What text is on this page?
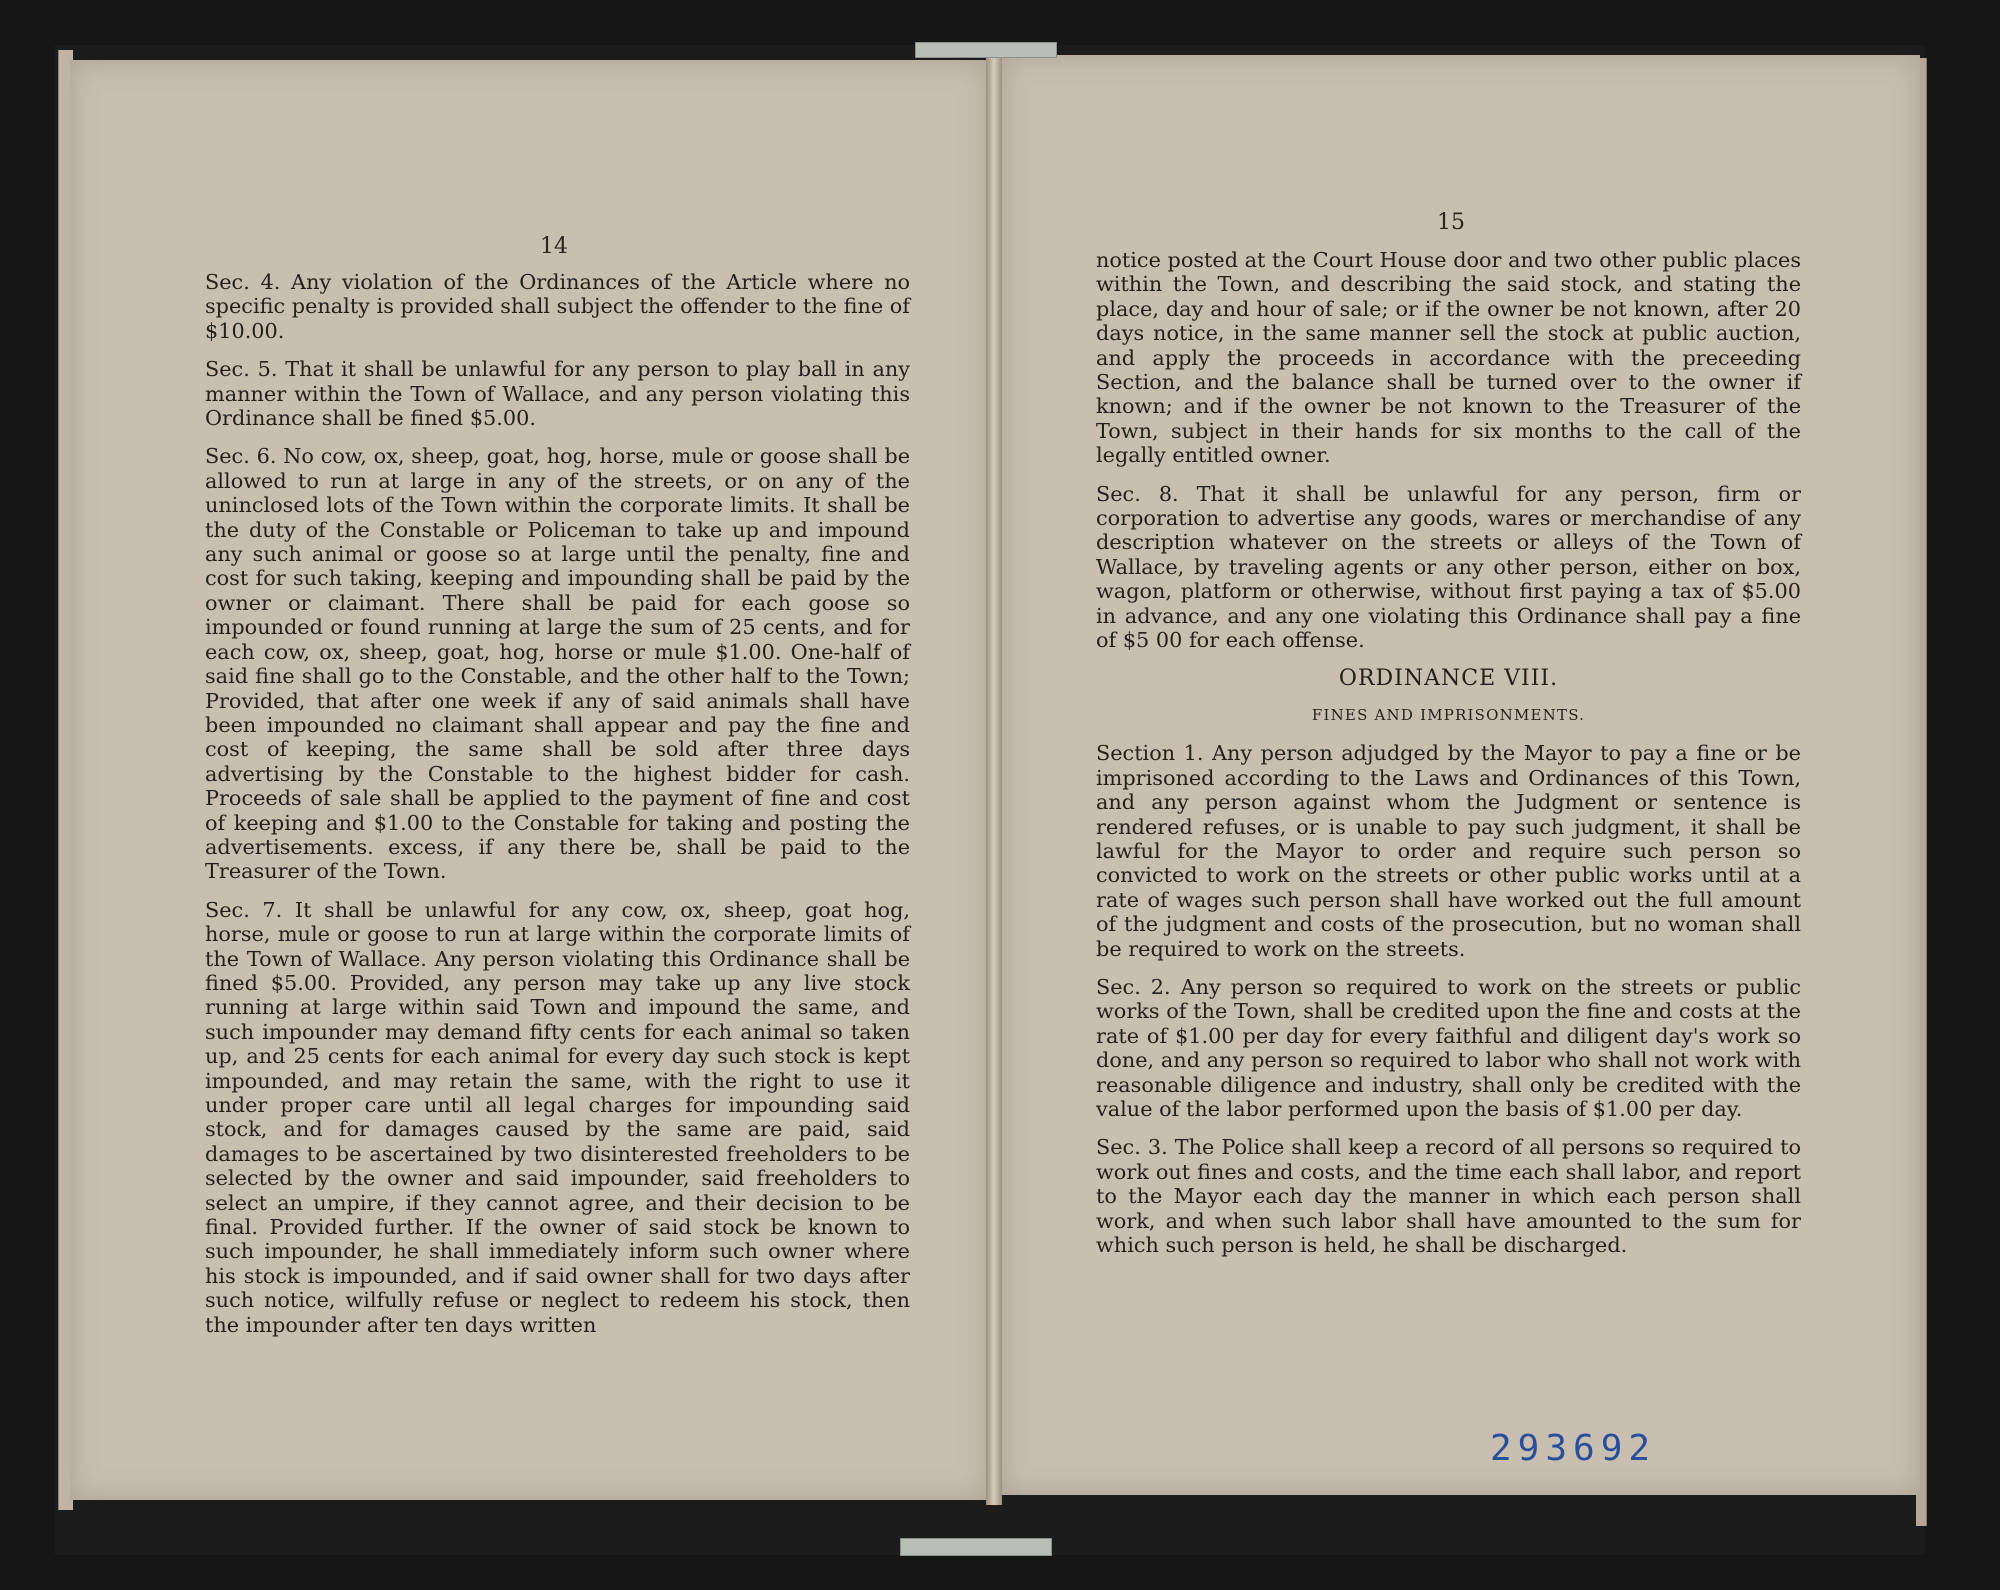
14

Sec. 4. Any violation of the Ordinances of the Article where no specific penalty is provided shall subject the offender to the fine of $10.00.

Sec. 5. That it shall be unlawful for any person to play ball in any manner within the Town of Wallace, and any person violating this Ordinance shall be fined $5.00.

Sec. 6. No cow, ox, sheep, goat, hog, horse, mule or goose shall be allowed to run at large in any of the streets, or on any of the uninclosed lots of the Town within the corporate limits. It shall be the duty of the Constable or Policeman to take up and impound any such animal or goose so at large until the penalty, fine and cost for such taking, keeping and impounding shall be paid by the owner or claimant. There shall be paid for each goose so impounded or found running at large the sum of 25 cents, and for each cow, ox, sheep, goat, hog, horse or mule $1.00. One-half of said fine shall go to the Constable, and the other half to the Town; Provided, that after one week if any of said animals shall have been impounded no claimant shall appear and pay the fine and cost of keeping, the same shall be sold after three days advertising by the Constable to the highest bidder for cash. Proceeds of sale shall be applied to the payment of fine and cost of keeping and $1.00 to the Constable for taking and posting the advertisements. excess, if any there be, shall be paid to the Treasurer of the Town.

Sec. 7. It shall be unlawful for any cow, ox, sheep, goat hog, horse, mule or goose to run at large within the corporate limits of the Town of Wallace. Any person violating this Ordinance shall be fined $5.00. Provided, any person may take up any live stock running at large within said Town and impound the same, and such impounder may demand fifty cents for each animal so taken up, and 25 cents for each animal for every day such stock is kept impounded, and may retain the same, with the right to use it under proper care until all legal charges for impounding said stock, and for damages caused by the same are paid, said damages to be ascertained by two disinterested freeholders to be selected by the owner and said impounder, said freeholders to select an umpire, if they cannot agree, and their decision to be final. Provided further. If the owner of said stock be known to such impounder, he shall immediately inform such owner where his stock is impounded, and if said owner shall for two days after such notice, wilfully refuse or neglect to redeem his stock, then the impounder after ten days written

15

notice posted at the Court House door and two other public places within the Town, and describing the said stock, and stating the place, day and hour of sale; or if the owner be not known, after 20 days notice, in the same manner sell the stock at public auction, and apply the proceeds in accordance with the preceeding Section, and the balance shall be turned over to the owner if known; and if the owner be not known to the Treasurer of the Town, subject in their hands for six months to the call of the legally entitled owner.

Sec. 8. That it shall be unlawful for any person, firm or corporation to advertise any goods, wares or merchandise of any description whatever on the streets or alleys of the Town of Wallace, by traveling agents or any other person, either on box, wagon, platform or otherwise, without first paying a tax of $5.00 in advance, and any one violating this Ordinance shall pay a fine of $5 00 for each offense.

ORDINANCE VIII.

FINES AND IMPRISONMENTS.

Section 1. Any person adjudged by the Mayor to pay a fine or be imprisoned according to the Laws and Ordinances of this Town, and any person against whom the Judgment or sentence is rendered refuses, or is unable to pay such judgment, it shall be lawful for the Mayor to order and require such person so convicted to work on the streets or other public works until at a rate of wages such person shall have worked out the full amount of the judgment and costs of the prosecution, but no woman shall be required to work on the streets.

Sec. 2. Any person so required to work on the streets or public works of the Town, shall be credited upon the fine and costs at the rate of $1.00 per day for every faithful and diligent day's work so done, and any person so required to labor who shall not work with reasonable diligence and industry, shall only be credited with the value of the labor performed upon the basis of $1.00 per day.

Sec. 3. The Police shall keep a record of all persons so required to work out fines and costs, and the time each shall labor, and report to the Mayor each day the manner in which each person shall work, and when such labor shall have amounted to the sum for which such person is held, he shall be discharged.

293692
